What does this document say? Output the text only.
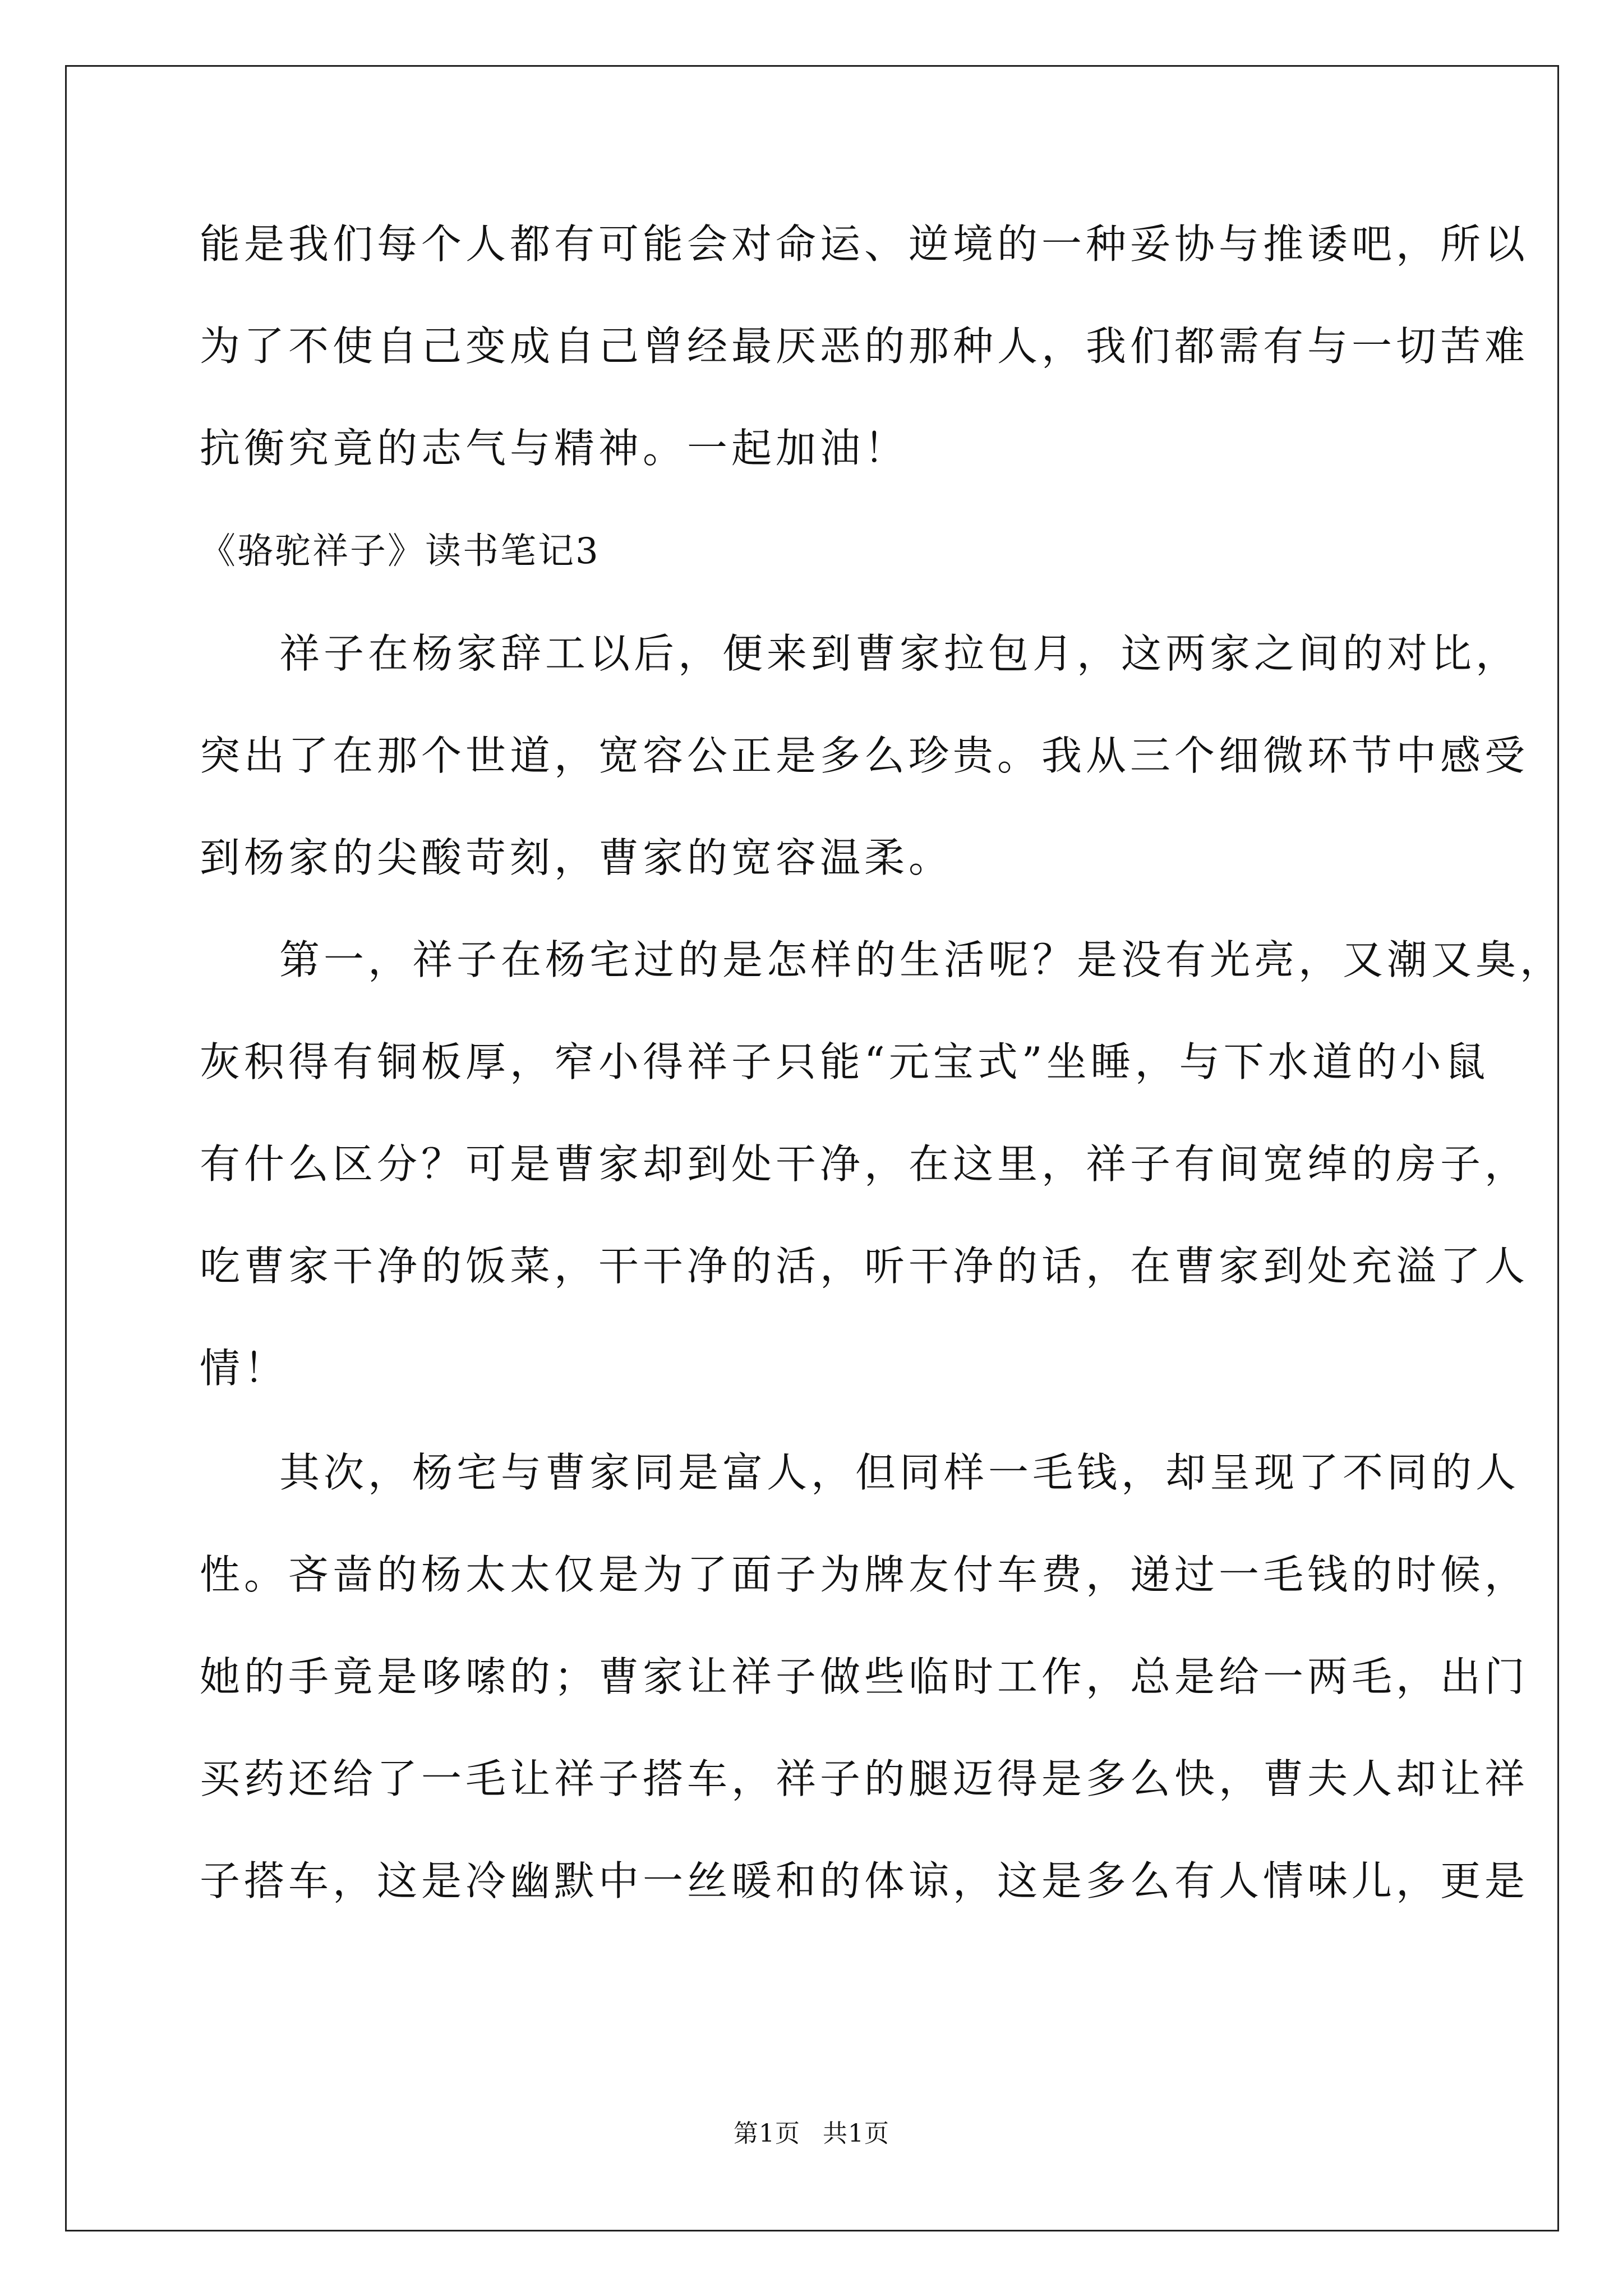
能是我们每个人都有可能会对命运、逆境的一种妥协与推诿吧，所以

为了不使自己变成自己曾经最厌恶的那种人，我们都需有与一切苦难

抗衡究竟的志气与精神。一起加油！

《骆驼祥子》读书笔记3

祥子在杨家辞工以后，便来到曹家拉包月，这两家之间的对比，

突出了在那个世道，宽容公正是多么珍贵。我从三个细微环节中感受

到杨家的尖酸苛刻，曹家的宽容温柔。

第一，祥子在杨宅过的是怎样的生活呢？是没有光亮，又潮又臭，

灰积得有铜板厚，窄小得祥子只能“元宝式”坐睡，与下水道的小鼠

有什么区分？可是曹家却到处干净，在这里，祥子有间宽绰的房子，

吃曹家干净的饭菜，干干净的活，听干净的话，在曹家到处充溢了人

情！

其次，杨宅与曹家同是富人，但同样一毛钱，却呈现了不同的人

性。吝啬的杨太太仅是为了面子为牌友付车费，递过一毛钱的时候，

她的手竟是哆嗦的；曹家让祥子做些临时工作，总是给一两毛，出门

买药还给了一毛让祥子搭车，祥子的腿迈得是多么快，曹夫人却让祥

子搭车，这是冷幽默中一丝暖和的体谅，这是多么有人情味儿，更是

第1页 共1页
